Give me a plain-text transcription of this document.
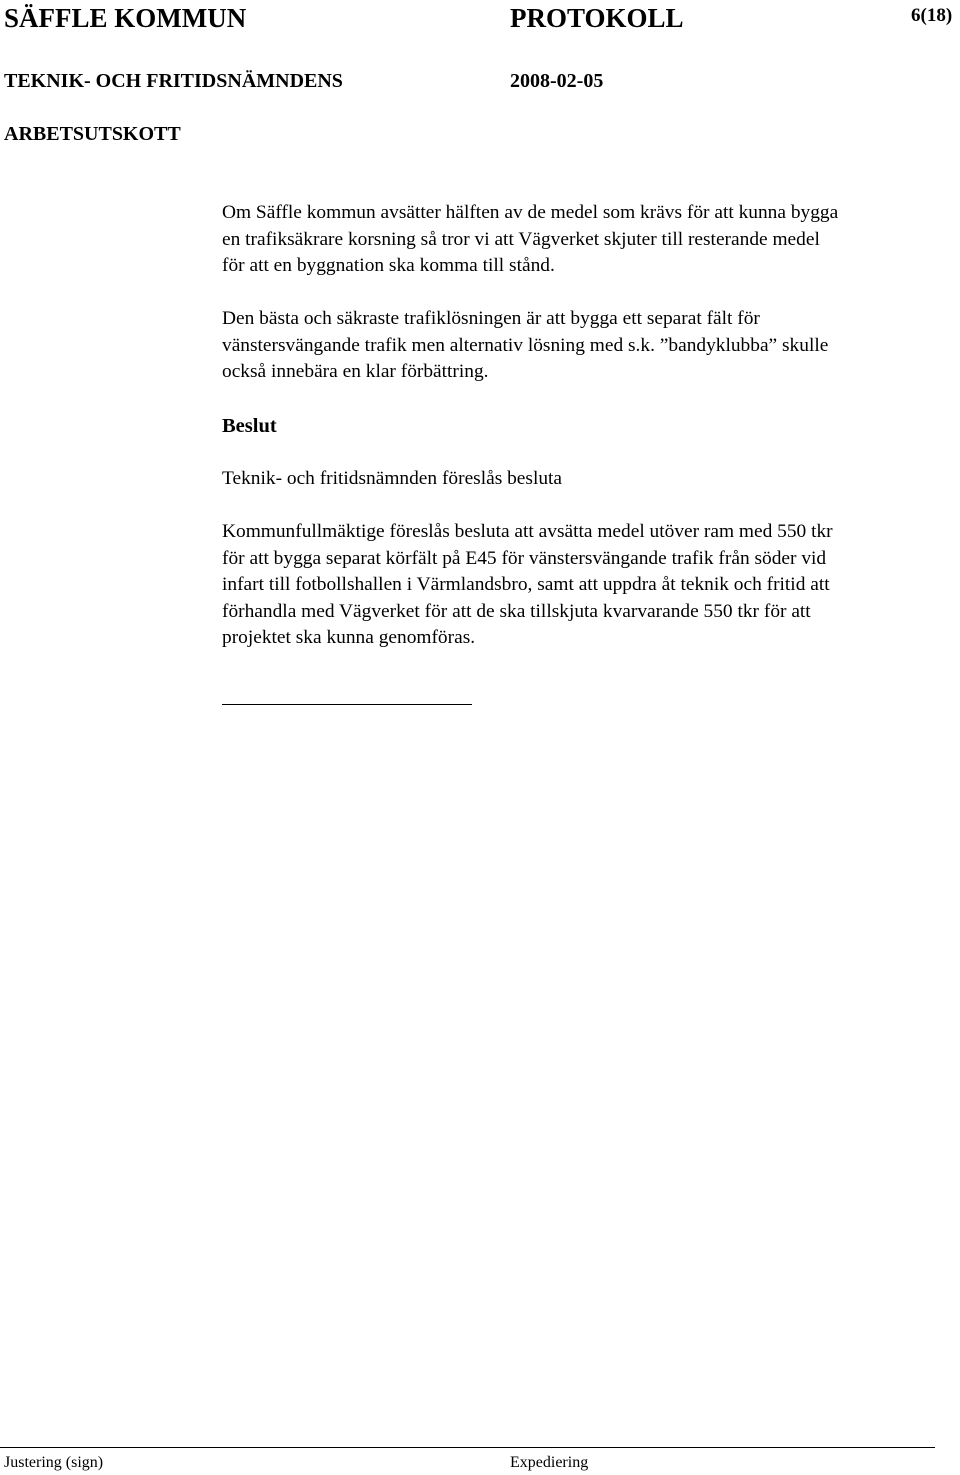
SÄFFLE KOMMUN	PROTOKOLL	6(18)
TEKNIK- OCH FRITIDSNÄMNDENS	2008-02-05
ARBETSUTSKOTT
Om Säffle kommun avsätter hälften av de medel som krävs för att kunna bygga
en trafiksäkrare korsning så tror vi att Vägverket skjuter till resterande medel
för att en byggnation ska komma till stånd.
Den bästa och säkraste trafiklösningen är att bygga ett separat fält för
vänstersvängande trafik men alternativ lösning med s.k. ”bandyklubba” skulle
också innebära en klar förbättring.
Beslut
Teknik- och fritidsnämnden föreslås besluta
Kommunfullmäktige föreslås besluta att avsätta medel utöver ram med 550 tkr
för att bygga separat körfält på E45 för vänstersvängande trafik från söder vid
infart till fotbollshallen i Värmlandsbro, samt att uppdra åt teknik och fritid att
förhandla med Vägverket för att de ska tillskjuta kvarvarande 550 tkr för att
projektet ska kunna genomföras.
Justering (sign)	Expediering
